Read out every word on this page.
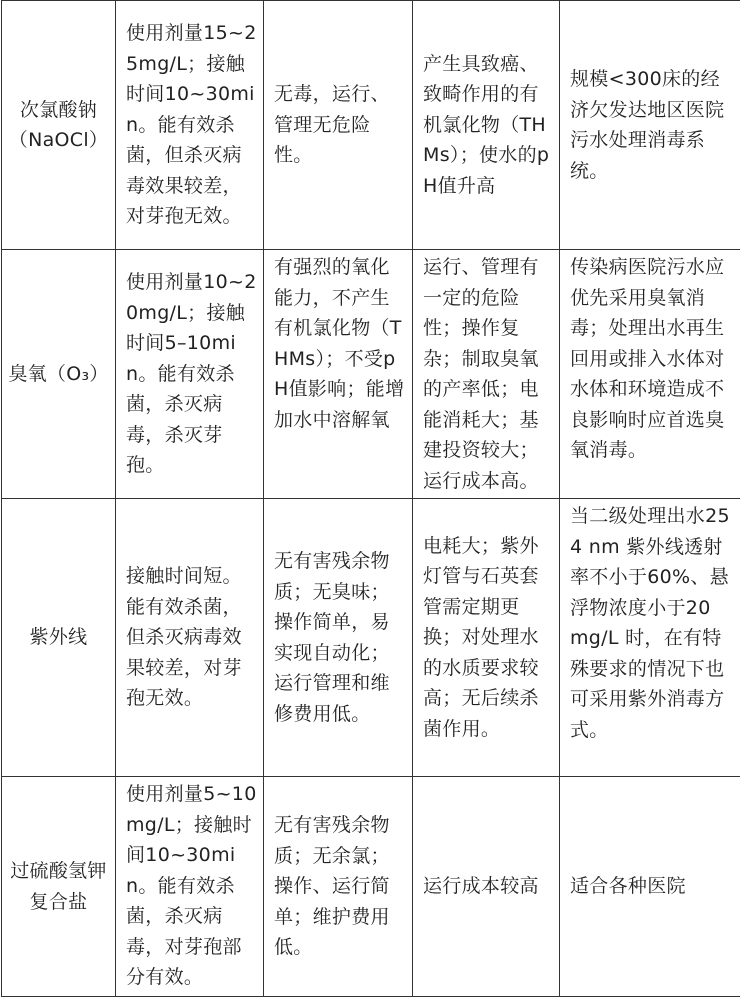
次氯酸钠（NaOCl）	使用剂量15~25mg/L；接触时间10~30min。能有效杀菌，但杀灭病毒效果较差，对芽孢无效。	无毒，运行、管理无危险性。	产生具致癌、致畸作用的有机氯化物（THMs）；使水的pH值升高	规模<300床的经济欠发达地区医院污水处理消毒系统。
臭氧（O₃）	使用剂量10~20mg/L；接触时间5–10min。能有效杀菌，杀灭病毒，杀灭芽孢。	有强烈的氧化能力，不产生有机氯化物（THMs）；不受pH值影响；能增加水中溶解氧	运行、管理有一定的危险性；操作复杂；制取臭氧的产率低；电能消耗大；基建投资较大；运行成本高。	传染病医院污水应优先采用臭氧消毒；处理出水再生回用或排入水体对水体和环境造成不良影响时应首选臭氧消毒。
紫外线	接触时间短。能有效杀菌，但杀灭病毒效果较差，对芽孢无效。	无有害残余物质；无臭味；操作简单，易实现自动化；运行管理和维修费用低。	电耗大；紫外灯管与石英套管需定期更换；对处理水的水质要求较高；无后续杀菌作用。	当二级处理出水254 nm 紫外线透射率不小于60%、悬浮物浓度小于20 mg/L 时，在有特殊要求的情况下也可采用紫外消毒方式。
过硫酸氢钾复合盐	使用剂量5~10mg/L；接触时间10~30min。能有效杀菌，杀灭病毒，对芽孢部分有效。	无有害残余物质；无余氯；操作、运行简单；维护费用低。	运行成本较高	适合各种医院
